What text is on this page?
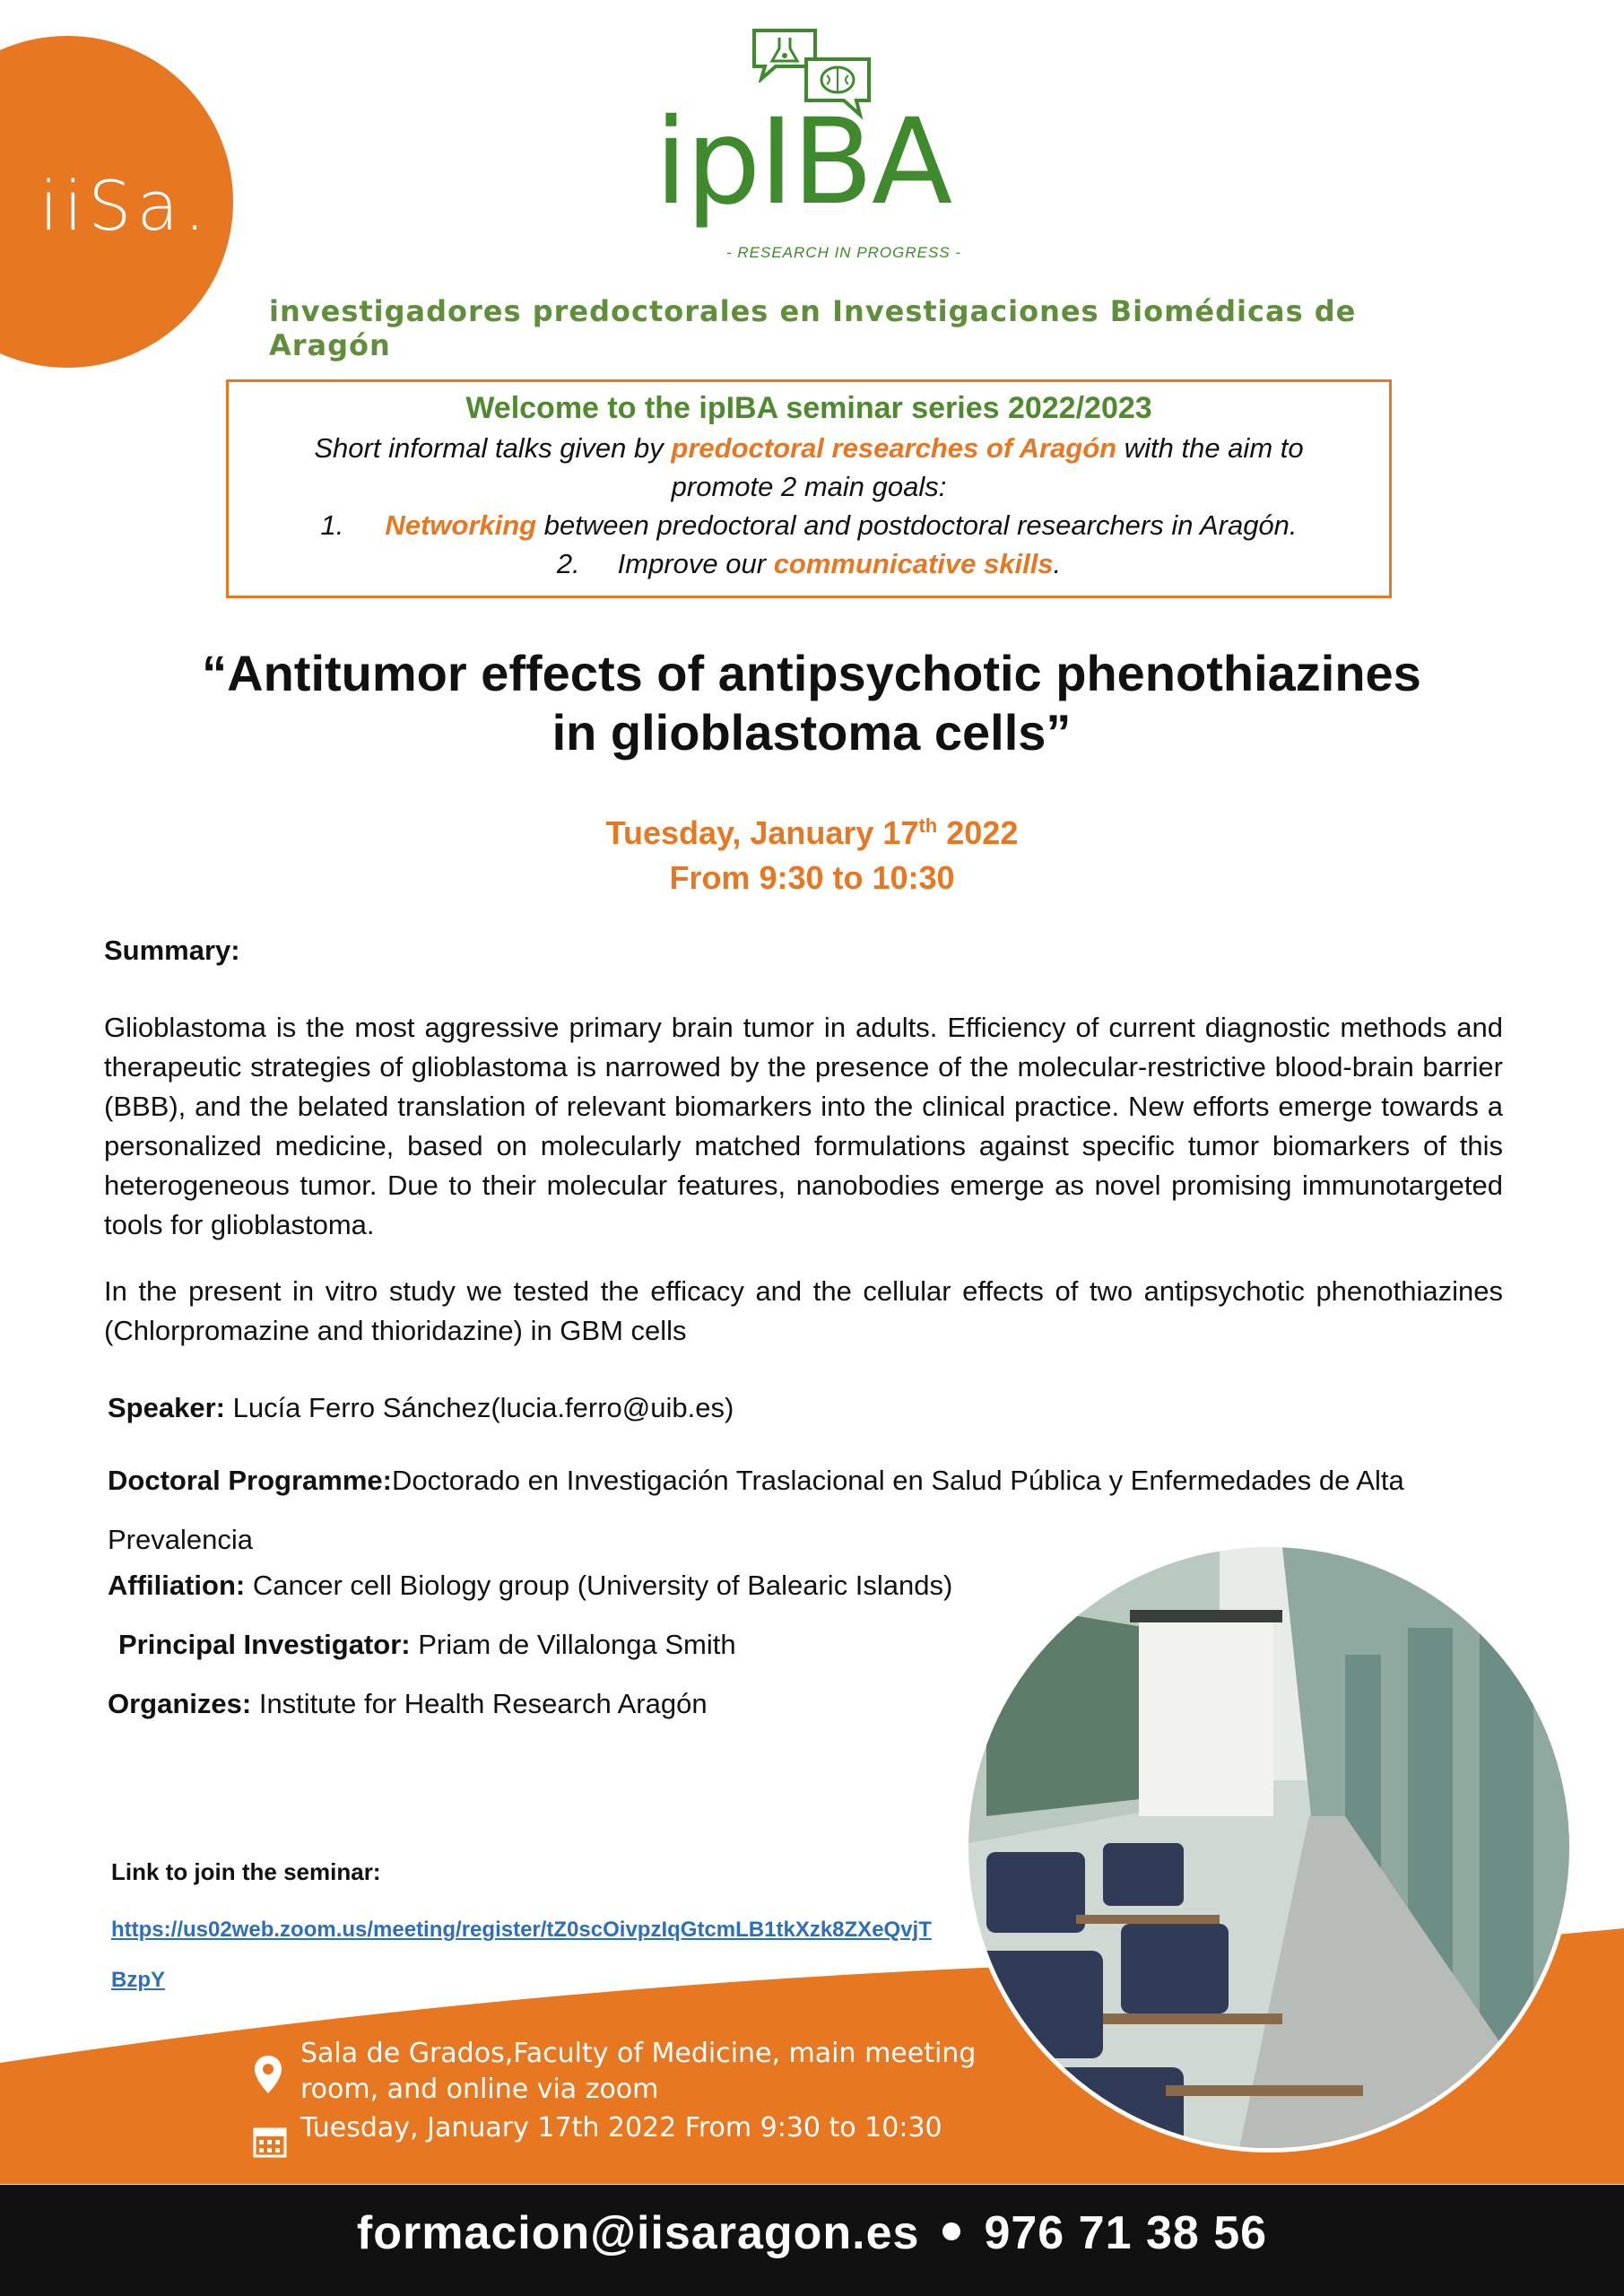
iiSa.	ipIBA
- RESEARCH IN PROGRESS -
investigadores predoctorales en Investigaciones Biomédicas de Aragón
Welcome to the ipIBA seminar series 2022/2023
Short informal talks given by predoctoral researches of Aragón with the aim to
promote 2 main goals:
1. Networking between predoctoral and postdoctoral researchers in Aragón.
2. Improve our communicative skills.
“Antitumor effects of antipsychotic phenothiazines
in glioblastoma cells”
Tuesday, January 17th 2022
From 9:30 to 10:30
Summary:
Glioblastoma is the most aggressive primary brain tumor in adults. Efficiency of current diagnostic methods and therapeutic strategies of glioblastoma is narrowed by the presence of the molecular-restrictive blood-brain barrier (BBB), and the belated translation of relevant biomarkers into the clinical practice. New efforts emerge towards a personalized medicine, based on molecularly matched formulations against specific tumor biomarkers of this heterogeneous tumor. Due to their molecular features, nanobodies emerge as novel promising immunotargeted tools for glioblastoma.
In the present in vitro study we tested the efficacy and the cellular effects of two antipsychotic phenothiazines (Chlorpromazine and thioridazine) in GBM cells
Speaker: Lucía Ferro Sánchez(lucia.ferro@uib.es)
Doctoral Programme:Doctorado en Investigación Traslacional en Salud Pública y Enfermedades de Alta Prevalencia
Affiliation: Cancer cell Biology group (University of Balearic Islands)
Principal Investigator: Priam de Villalonga Smith
Organizes: Institute for Health Research Aragón
Link to join the seminar:
https://us02web.zoom.us/meeting/register/tZ0scOivpzIqGtcmLB1tkXzk8ZXeQvjTBzpY
Sala de Grados,Faculty of Medicine, main meeting room, and online via zoom
Tuesday, January 17th 2022 From 9:30 to 10:30
formacion@iisaragon.es 976 71 38 56
